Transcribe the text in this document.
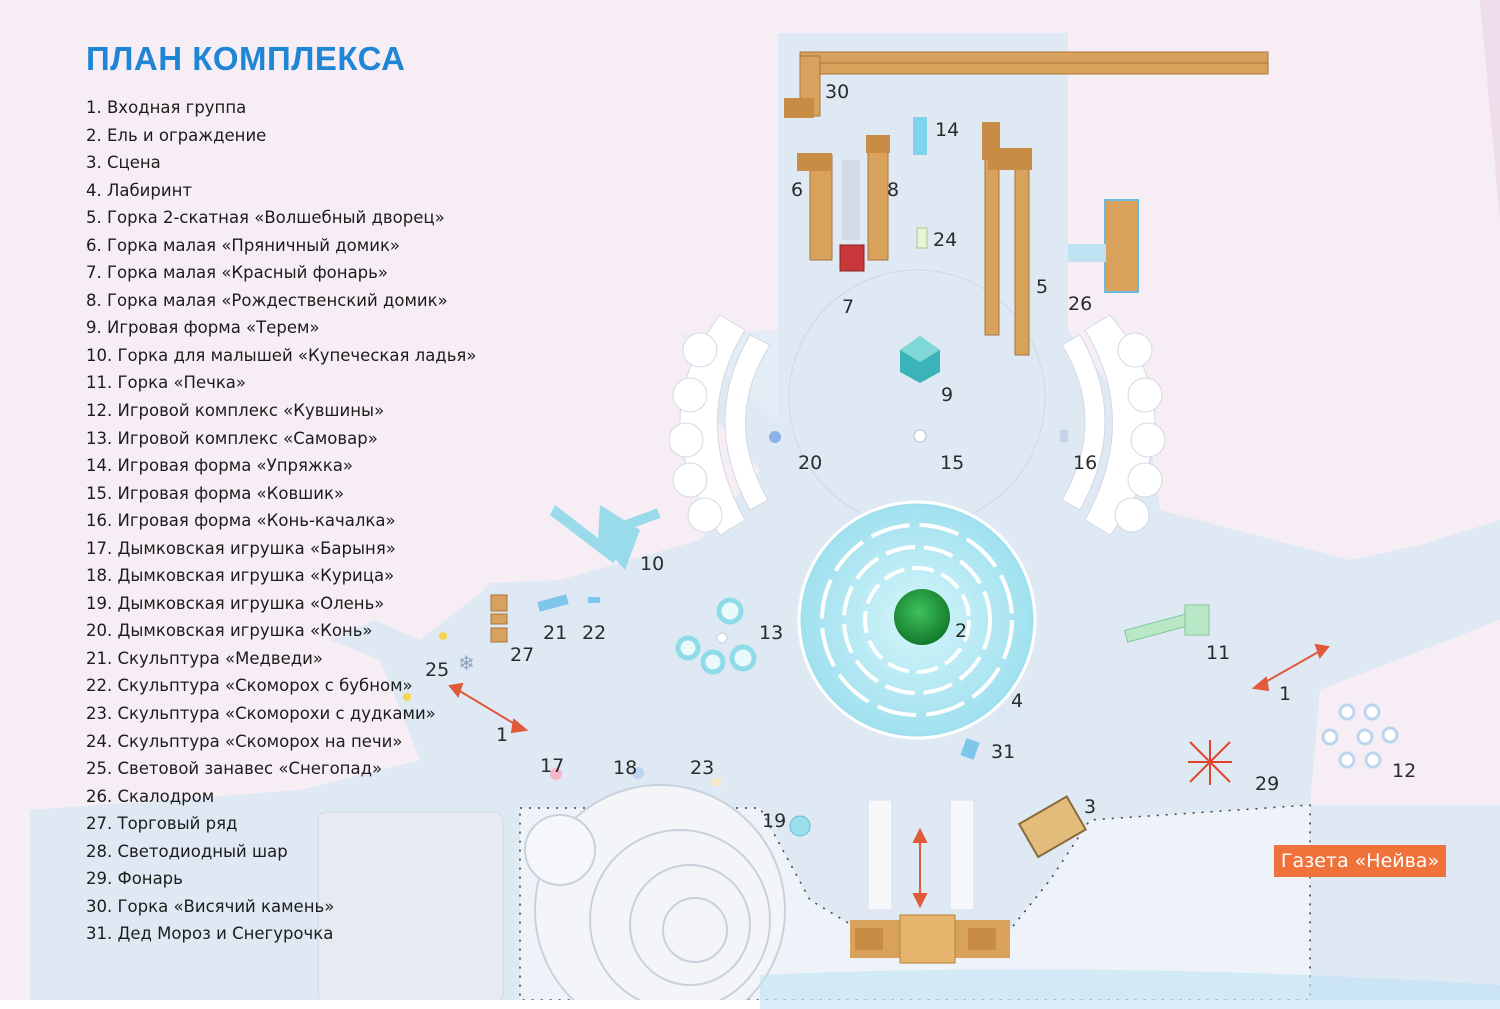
❄
30
14
6	8
24
5
26
7
9
20	15	16
10
21 22	13	2
27	11
25
1
4
1
31
17	18	23	12
29
3
19
ПЛАН КОМПЛЕКСА
1. Входная группа
2. Ель и ограждение
3. Сцена
4. Лабиринт
5. Горка 2-скатная «Волшебный дворец»
6. Горка малая «Пряничный домик»
7. Горка малая «Красный фонарь»
8. Горка малая «Рождественский домик»
9. Игровая форма «Терем»
10. Горка для малышей «Купеческая ладья»
11. Горка «Печка»
12. Игровой комплекс «Кувшины»
13. Игровой комплекс «Самовар»
14. Игровая форма «Упряжка»
15. Игровая форма «Ковшик»
16. Игровая форма «Конь-качалка»
17. Дымковская игрушка «Барыня»
18. Дымковская игрушка «Курица»
19. Дымковская игрушка «Олень»
20. Дымковская игрушка «Конь»
21. Скульптура «Медведи»
22. Скульптура «Скоморох с бубном»
23. Скульптура «Скоморохи с дудками»
24. Скульптура «Скоморох на печи»
25. Световой занавес «Снегопад»
26. Скалодром
27. Торговый ряд
28. Светодиодный шар
29. Фонарь
30. Горка «Висячий камень»
31. Дед Мороз и Снегурочка
Газета «Нейва»
